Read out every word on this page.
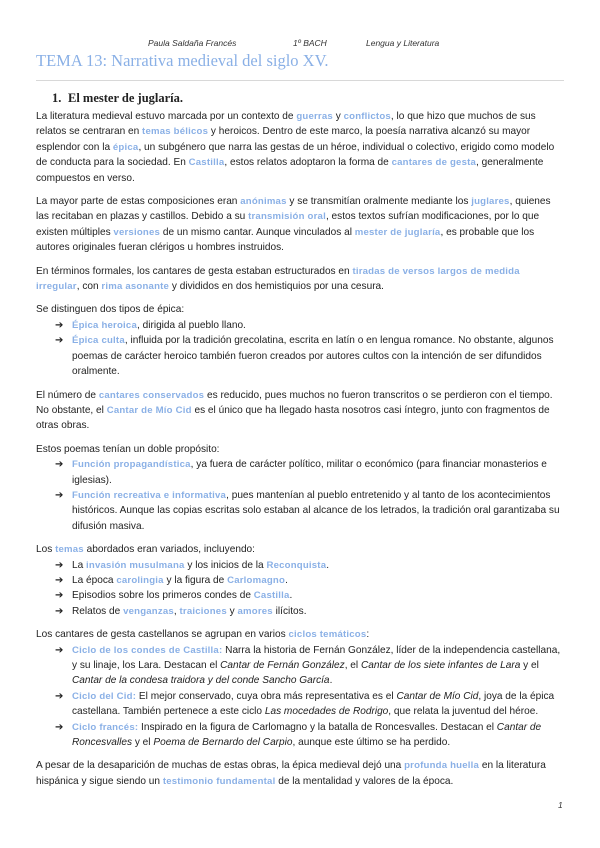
Paula Saldaña Francés	1º BACH	Lengua y Literatura
TEMA 13: Narrativa medieval del siglo XV.
1. El mester de juglaría.

La literatura medieval estuvo marcada por un contexto de guerras y conflictos, lo que hizo que muchos de sus relatos se centraran en temas bélicos y heroicos. Dentro de este marco, la poesía narrativa alcanzó su mayor esplendor con la épica, un subgénero que narra las gestas de un héroe, individual o colectivo, erigido como modelo de conducta para la sociedad. En Castilla, estos relatos adoptaron la forma de cantares de gesta, generalmente compuestos en verso.

La mayor parte de estas composiciones eran anónimas y se transmitían oralmente mediante los juglares, quienes las recitaban en plazas y castillos. Debido a su transmisión oral, estos textos sufrían modificaciones, por lo que existen múltiples versiones de un mismo cantar. Aunque vinculados al mester de juglaría, es probable que los autores originales fueran clérigos u hombres instruidos.

En términos formales, los cantares de gesta estaban estructurados en tiradas de versos largos de medida irregular, con rima asonante y divididos en dos hemistiquios por una cesura.

Se distinguen dos tipos de épica:

➔ Épica heroica, dirigida al pueblo llano.
➔ Épica culta, influida por la tradición grecolatina, escrita en latín o en lengua romance. No obstante, algunos poemas de carácter heroico también fueron creados por autores cultos con la intención de ser difundidos oralmente.

El número de cantares conservados es reducido, pues muchos no fueron transcritos o se perdieron con el tiempo. No obstante, el Cantar de Mío Cid es el único que ha llegado hasta nosotros casi íntegro, junto con fragmentos de otras obras.

Estos poemas tenían un doble propósito:

➔ Función propagandística, ya fuera de carácter político, militar o económico (para financiar monasterios e iglesias).
➔ Función recreativa e informativa, pues mantenían al pueblo entretenido y al tanto de los acontecimientos históricos. Aunque las copias escritas solo estaban al alcance de los letrados, la tradición oral garantizaba su difusión masiva.

Los temas abordados eran variados, incluyendo:

➔ La invasión musulmana y los inicios de la Reconquista.
➔ La época carolingia y la figura de Carlomagno.
➔ Episodios sobre los primeros condes de Castilla.
➔ Relatos de venganzas, traiciones y amores ilícitos.

Los cantares de gesta castellanos se agrupan en varios ciclos temáticos:

➔ Ciclo de los condes de Castilla: Narra la historia de Fernán González, líder de la independencia castellana, y su linaje, los Lara. Destacan el Cantar de Fernán González, el Cantar de los siete infantes de Lara y el Cantar de la condesa traidora y del conde Sancho García.
➔ Ciclo del Cid: El mejor conservado, cuya obra más representativa es el Cantar de Mío Cid, joya de la épica castellana. También pertenece a este ciclo Las mocedades de Rodrigo, que relata la juventud del héroe.
➔ Ciclo francés: Inspirado en la figura de Carlomagno y la batalla de Roncesvalles. Destacan el Cantar de Roncesvalles y el Poema de Bernardo del Carpio, aunque este último se ha perdido.

A pesar de la desaparición de muchas de estas obras, la épica medieval dejó una profunda huella en la literatura hispánica y sigue siendo un testimonio fundamental de la mentalidad y valores de la época.

1
